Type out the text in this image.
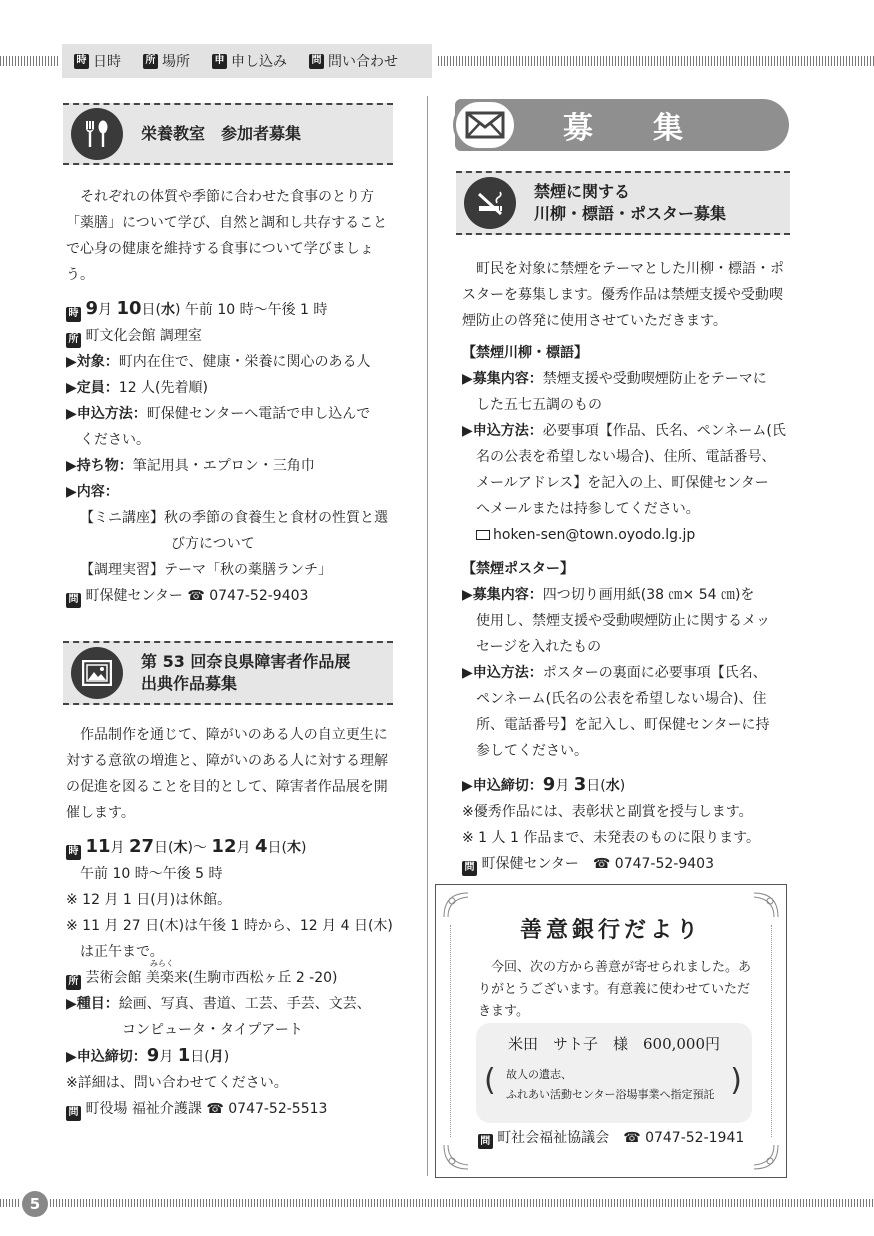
時 日時 所 場所 申 申し込み 問 問い合わせ
栄養教室　参加者募集

それぞれの体質や季節に合わせた食事のとり方「薬膳」について学び、自然と調和し共存することで心身の健康を維持する食事について学びましょう。

時 9月 10日(水) 午前 10 時〜午後 1 時
所 町文化会館 調理室
▶対象：町内在住で、健康・栄養に関心のある人
▶定員：12 人(先着順)
▶申込方法：町保健センターへ電話で申し込んで
ください。
▶持ち物：筆記用具・エプロン・三角巾
▶内容：
【ミニ講座】秋の季節の食養生と食材の性質と選
び方について
【調理実習】テーマ「秋の薬膳ランチ」
問 町保健センター ☎ 0747-52-9403
第 53 回奈良県障害者作品展
出典作品募集

作品制作を通じて、障がいのある人の自立更生に対する意欲の増進と、障がいのある人に対する理解の促進を図ることを目的として、障害者作品展を開催します。

時 11月 27日(木)〜 12月 4日(木)
午前 10 時〜午後 5 時
※ 12 月 1 日(月)は休館。
※ 11 月 27 日(木)は午後 1 時から、12 月 4 日(木)
は正午まで。
所 芸術会館
みらく
美楽来(生駒市西松ヶ丘 2 -20)
▶種目：絵画、写真、書道、工芸、手芸、文芸、
コンピュータ・タイプアート
▶申込締切：9月 1日(月)
※詳細は、問い合わせてください。
問 町役場 福祉介護課 ☎ 0747-52-5513
募集
禁煙に関する
川柳・標語・ポスター募集

町民を対象に禁煙をテーマとした川柳・標語・ポスターを募集します。優秀作品は禁煙支援や受動喫煙防止の啓発に使用させていただきます。

【禁煙川柳・標語】
▶募集内容：禁煙支援や受動喫煙防止をテーマに
した五七五調のもの
▶申込方法：必要事項【作品、氏名、ペンネーム(氏
名の公表を希望しない場合)、住所、電話番号、
メールアドレス】を記入の上、町保健センター
へメールまたは持参してください。
hoken-sen@town.oyodo.lg.jp
【禁煙ポスター】
▶募集内容：四つ切り画用紙(38 ㎝× 54 ㎝)を
使用し、禁煙支援や受動喫煙防止に関するメッ
セージを入れたもの
▶申込方法：ポスターの裏面に必要事項【氏名、
ペンネーム(氏名の公表を希望しない場合)、住
所、電話番号】を記入し、町保健センターに持
参してください。
▶申込締切：9月 3日(水)
※優秀作品には、表彰状と副賞を授与します。
※ 1 人 1 作品まで、未発表のものに限ります。
問 町保健センター　 ☎ 0747-52-9403
善意銀行だより
今回、次の方から善意が寄せられました。ありがとうございます。有意義に使わせていただきます。
米田　サト子　様　600,000円
( 故人の遺志、
ふれあい活動センター浴場事業へ指定預託 )
問 町社会福祉協議会　 ☎ 0747-52-1941
5
